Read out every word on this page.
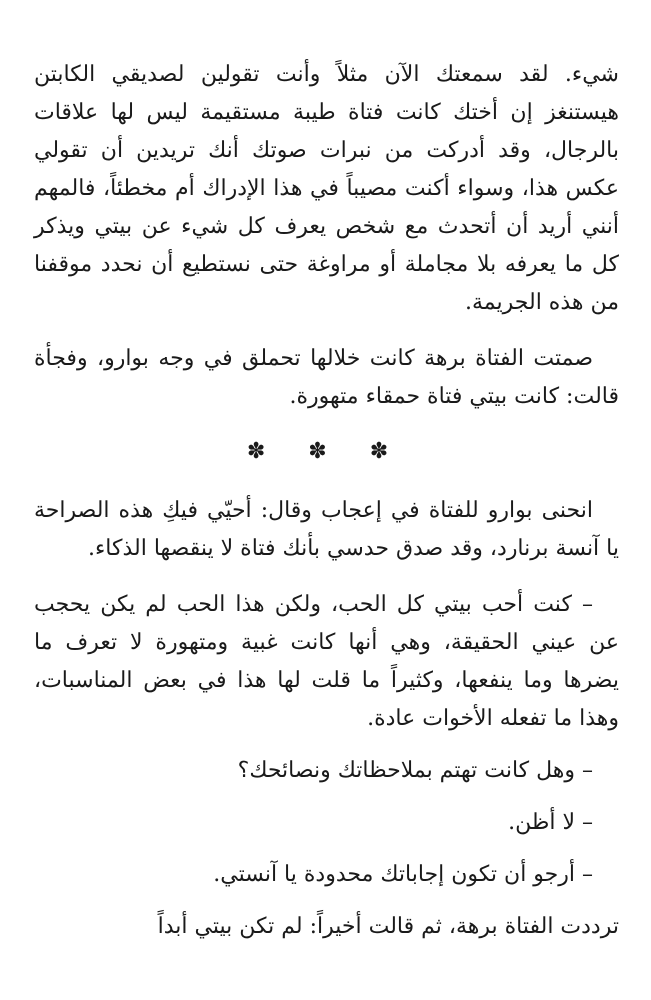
شيء. لقد سمعتك الآن مثلاً وأنت تقولين لصديقي الكابتن هيستنغز إن أختك كانت فتاة طيبة مستقيمة ليس لها علاقات بالرجال، وقد أدركت من نبرات صوتك أنك تريدين أن تقولي عكس هذا، وسواء أكنت مصيباً في هذا الإدراك أم مخطئاً، فالمهم أنني أريد أن أتحدث مع شخص يعرف كل شيء عن بيتي ويذكر كل ما يعرفه بلا مجاملة أو مراوغة حتى نستطيع أن نحدد موقفنا من هذه الجريمة.

صمتت الفتاة برهة كانت خلالها تحملق في وجه بوارو، وفجأة قالت: كانت بيتي فتاة حمقاء متهورة.

✽ ✽ ✽

انحنى بوارو للفتاة في إعجاب وقال: أحيّي فيكِ هذه الصراحة يا آنسة برنارد، وقد صدق حدسي بأنك فتاة لا ينقصها الذكاء.

– كنت أحب بيتي كل الحب، ولكن هذا الحب لم يكن يحجب عن عيني الحقيقة، وهي أنها كانت غبية ومتهورة لا تعرف ما يضرها وما ينفعها، وكثيراً ما قلت لها هذا في بعض المناسبات، وهذا ما تفعله الأخوات عادة.

– وهل كانت تهتم بملاحظاتك ونصائحك؟

– لا أظن.

– أرجو أن تكون إجاباتك محدودة يا آنستي.

ترددت الفتاة برهة، ثم قالت أخيراً: لم تكن بيتي أبداً
